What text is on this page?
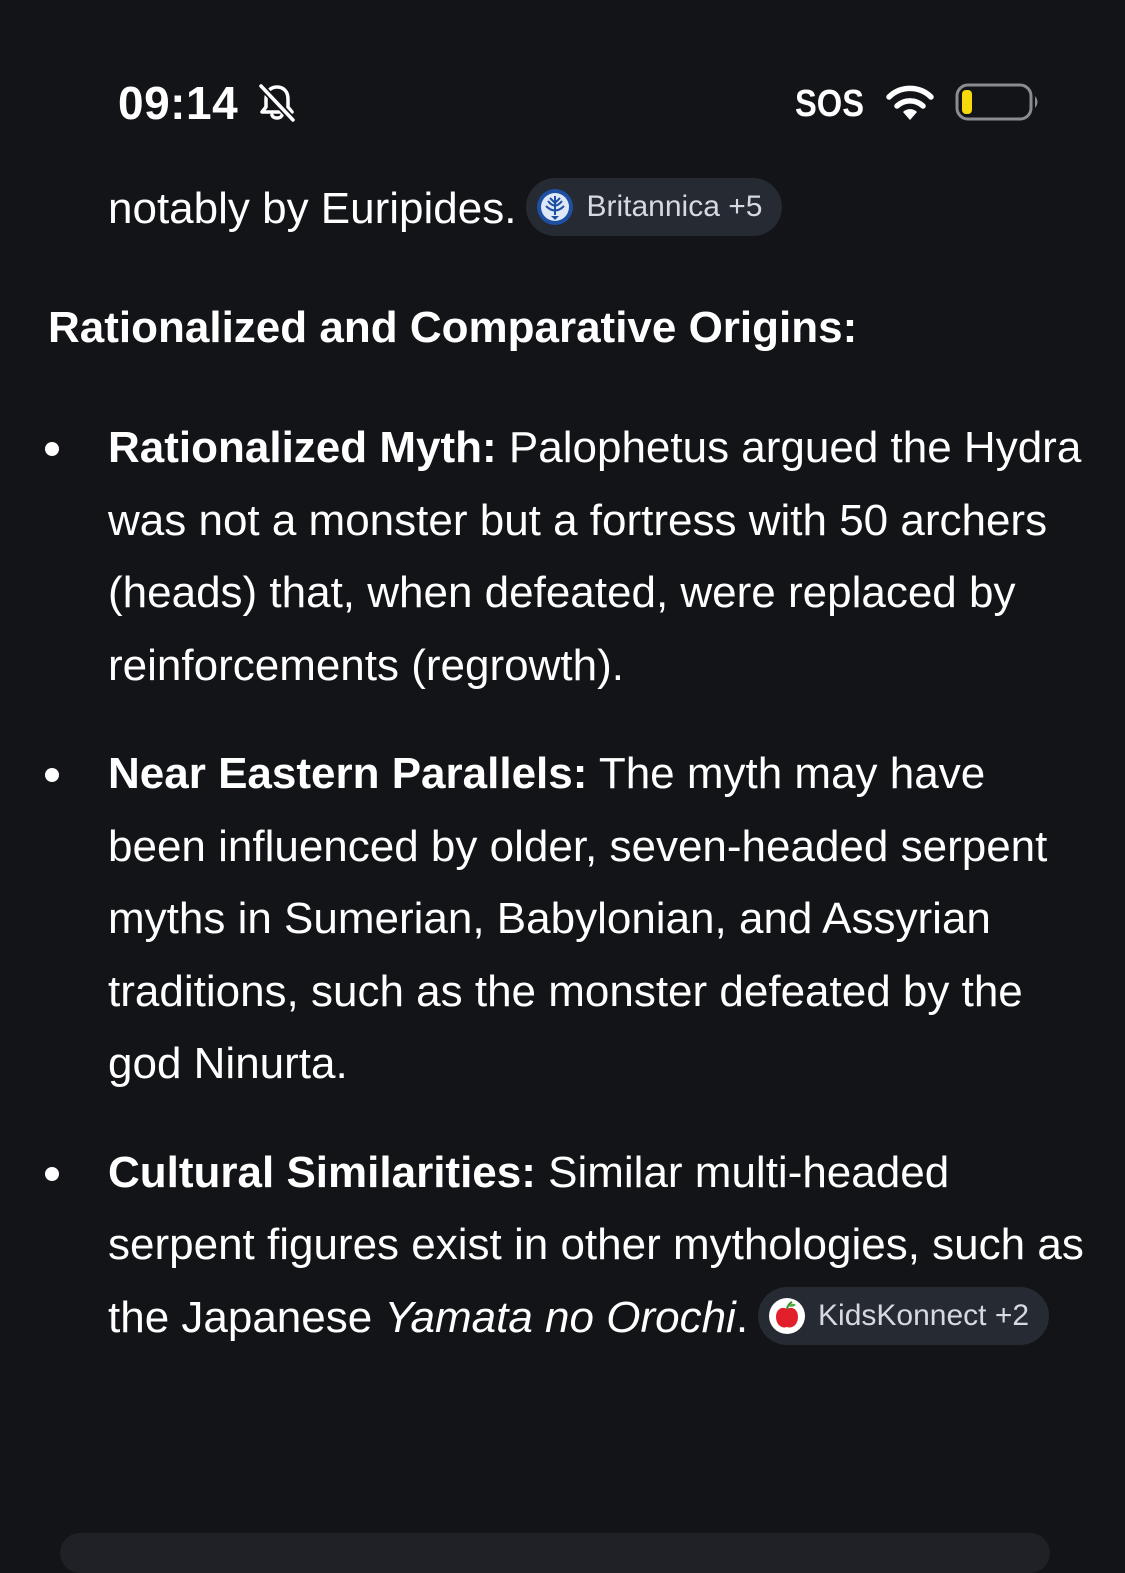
09:14	SOS
notably by Euripides. Britannica +5
Rationalized and Comparative Origins:
Rationalized Myth: Palophetus argued the Hydra was not a monster but a fortress with 50 archers (heads) that, when defeated, were replaced by reinforcements (regrowth).
Near Eastern Parallels: The myth may have been influenced by older, seven-headed serpent myths in Sumerian, Babylonian, and Assyrian traditions, such as the monster defeated by the god Ninurta.
Cultural Similarities: Similar multi-headed serpent figures exist in other mythologies, such as the Japanese Yamata no Orochi. KidsKonnect +2
